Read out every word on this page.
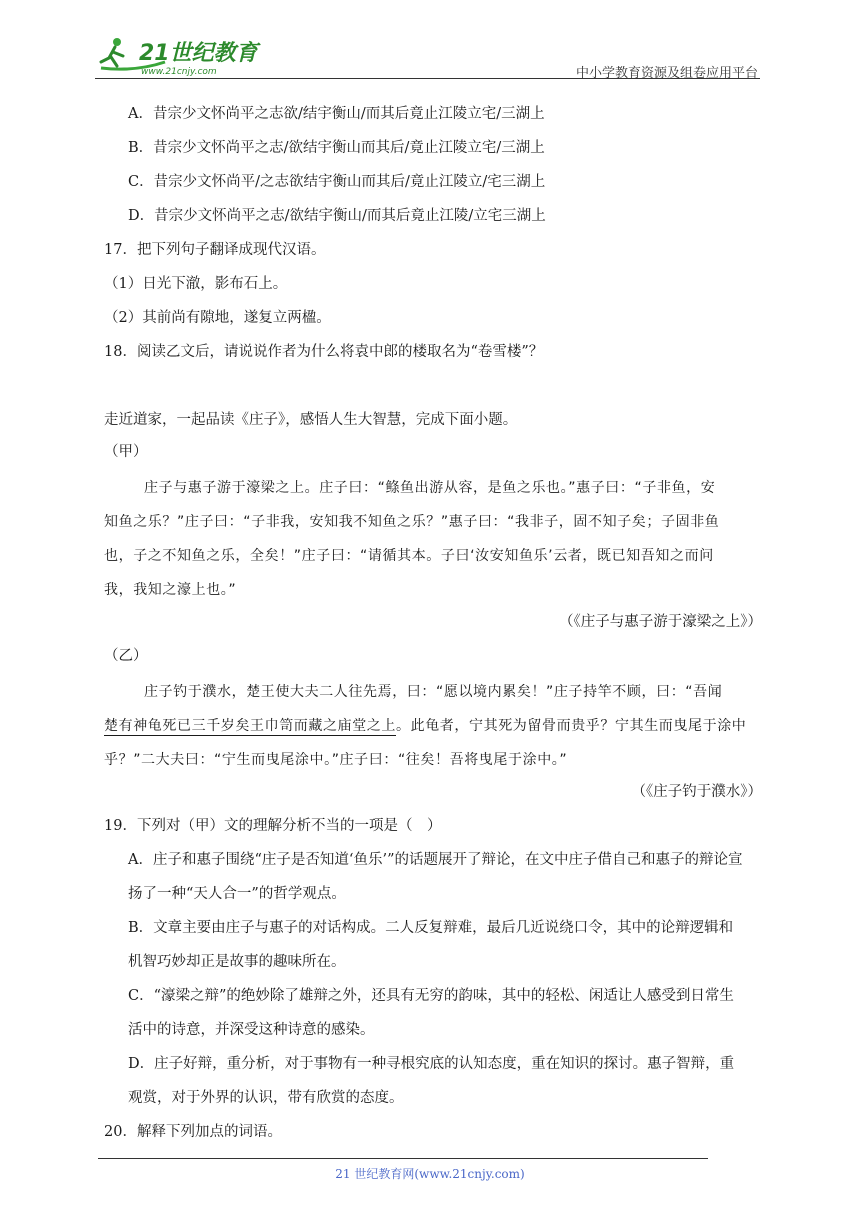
21世纪教育
www.21cnjy.com	中小学教育资源及组卷应用平台
A．昔宗少文怀尚平之志欲/结宇衡山/而其后竟止江陵立宅/三湖上
B．昔宗少文怀尚平之志/欲结宇衡山而其后/竟止江陵立宅/三湖上
C．昔宗少文怀尚平/之志欲结宇衡山而其后/竟止江陵立/宅三湖上
D．昔宗少文怀尚平之志/欲结宇衡山/而其后竟止江陵/立宅三湖上
17．把下列句子翻译成现代汉语。
（1）日光下澈，影布石上。
（2）其前尚有隙地，遂复立两楹。
18．阅读乙文后，请说说作者为什么将袁中郎的楼取名为“卷雪楼”？
走近道家，一起品读《庄子》，感悟人生大智慧，完成下面小题。
（甲）
庄子与惠子游于濠梁之上。庄子曰：“鲦鱼出游从容，是鱼之乐也。”惠子曰：“子非鱼，安
知鱼之乐？”庄子曰：“子非我，安知我不知鱼之乐？”惠子曰：“我非子，固不知子矣；子固非鱼
也，子之不知鱼之乐，全矣！”庄子曰：“请循其本。子曰‘汝安知鱼乐’云者，既已知吾知之而问
我，我知之濠上也。”
（《庄子与惠子游于濠梁之上》）
（乙）
庄子钓于濮水，楚王使大夫二人往先焉，曰：“愿以境内累矣！”庄子持竿不顾，曰：“吾闻
楚有神龟死已三千岁矣王巾笥而藏之庙堂之上。此龟者，宁其死为留骨而贵乎？宁其生而曳尾于涂中
乎？”二大夫曰：“宁生而曳尾涂中。”庄子曰：“往矣！吾将曳尾于涂中。”
（《庄子钓于濮水》）
19．下列对（甲）文的理解分析不当的一项是（　）
A．庄子和惠子围绕“庄子是否知道‘鱼乐’”的话题展开了辩论，在文中庄子借自己和惠子的辩论宣
扬了一种“天人合一”的哲学观点。
B．文章主要由庄子与惠子的对话构成。二人反复辩难，最后几近说绕口令，其中的论辩逻辑和
机智巧妙却正是故事的趣味所在。
C．“濠梁之辩”的绝妙除了雄辩之外，还具有无穷的韵味，其中的轻松、闲适让人感受到日常生
活中的诗意，并深受这种诗意的感染。
D．庄子好辩，重分析，对于事物有一种寻根究底的认知态度，重在知识的探讨。惠子智辩，重
观赏，对于外界的认识，带有欣赏的态度。
20．解释下列加点的词语。
21 世纪教育网(www.21cnjy.com)
